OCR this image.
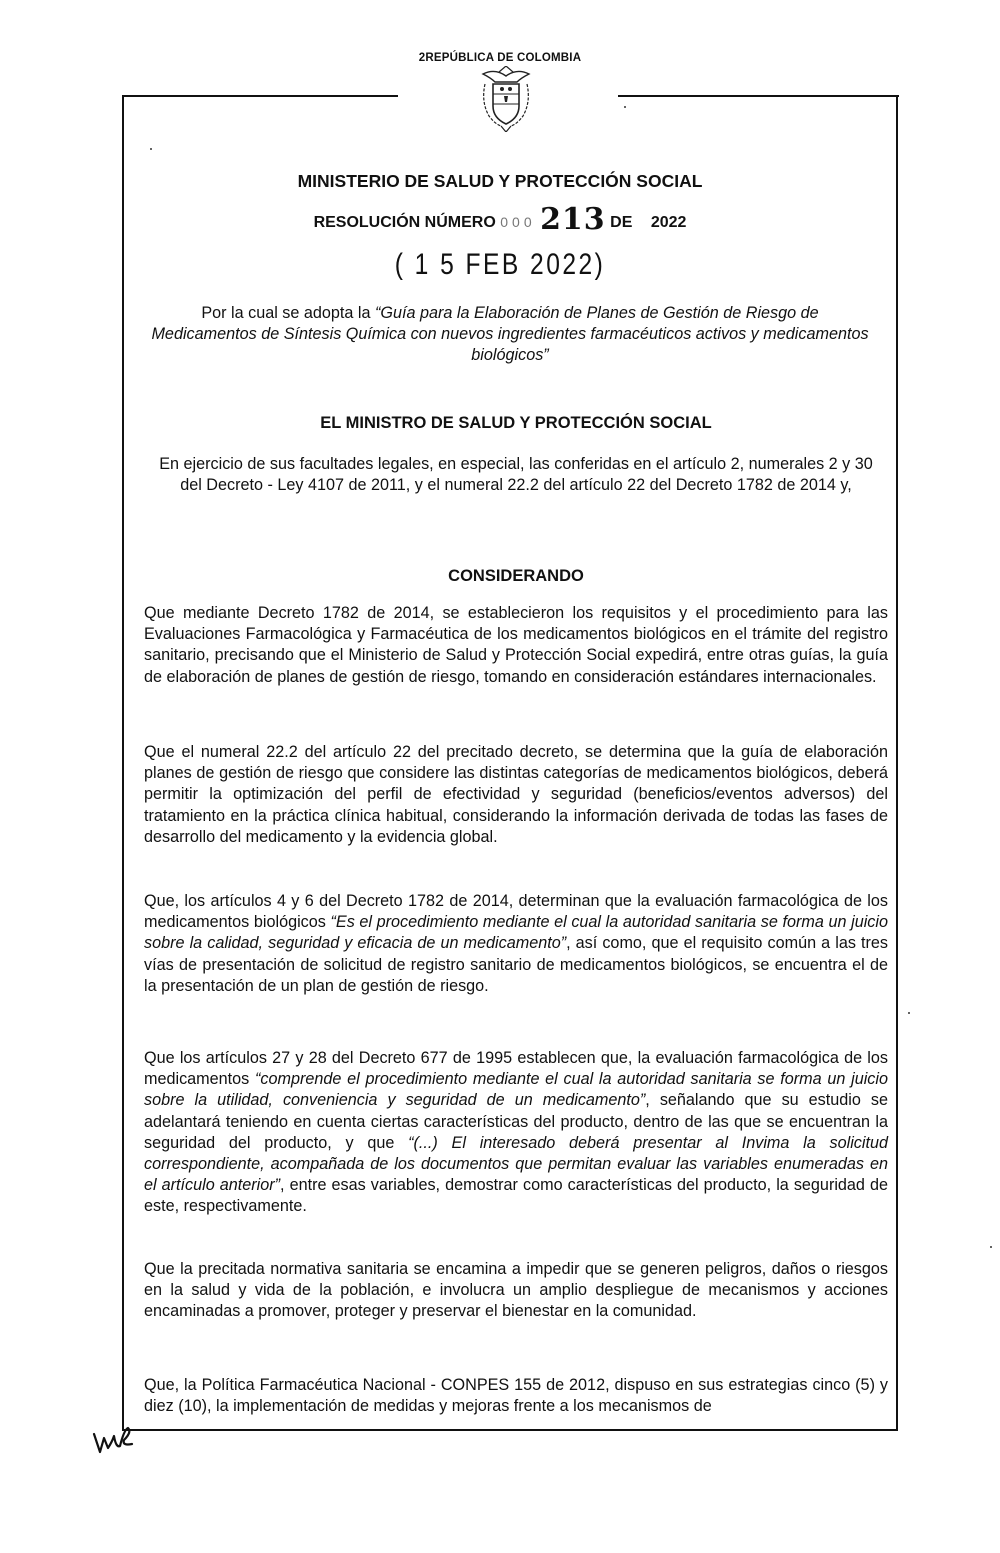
2REPÚBLICA DE COLOMBIA
MINISTERIO DE SALUD Y PROTECCIÓN SOCIAL
RESOLUCIÓN NÚMERO 000 213 DE 2022
( 1 5 FEB 2022)
Por la cual se adopta la “Guía para la Elaboración de Planes de Gestión de Riesgo de Medicamentos de Síntesis Química con nuevos ingredientes farmacéuticos activos y medicamentos biológicos”
EL MINISTRO DE SALUD Y PROTECCIÓN SOCIAL
En ejercicio de sus facultades legales, en especial, las conferidas en el artículo 2, numerales 2 y 30 del Decreto - Ley 4107 de 2011, y el numeral 22.2 del artículo 22 del Decreto 1782 de 2014 y,
CONSIDERANDO
Que mediante Decreto 1782 de 2014, se establecieron los requisitos y el procedimiento para las Evaluaciones Farmacológica y Farmacéutica de los medicamentos biológicos en el trámite del registro sanitario, precisando que el Ministerio de Salud y Protección Social expedirá, entre otras guías, la guía de elaboración de planes de gestión de riesgo, tomando en consideración estándares internacionales.
Que el numeral 22.2 del artículo 22 del precitado decreto, se determina que la guía de elaboración planes de gestión de riesgo que considere las distintas categorías de medicamentos biológicos, deberá permitir la optimización del perfil de efectividad y seguridad (beneficios/eventos adversos) del tratamiento en la práctica clínica habitual, considerando la información derivada de todas las fases de desarrollo del medicamento y la evidencia global.
Que, los artículos 4 y 6 del Decreto 1782 de 2014, determinan que la evaluación farmacológica de los medicamentos biológicos “Es el procedimiento mediante el cual la autoridad sanitaria se forma un juicio sobre la calidad, seguridad y eficacia de un medicamento”, así como, que el requisito común a las tres vías de presentación de solicitud de registro sanitario de medicamentos biológicos, se encuentra el de la presentación de un plan de gestión de riesgo.
Que los artículos 27 y 28 del Decreto 677 de 1995 establecen que, la evaluación farmacológica de los medicamentos “comprende el procedimiento mediante el cual la autoridad sanitaria se forma un juicio sobre la utilidad, conveniencia y seguridad de un medicamento”, señalando que su estudio se adelantará teniendo en cuenta ciertas características del producto, dentro de las que se encuentran la seguridad del producto, y que “(...) El interesado deberá presentar al Invima la solicitud correspondiente, acompañada de los documentos que permitan evaluar las variables enumeradas en el artículo anterior”, entre esas variables, demostrar como características del producto, la seguridad de este, respectivamente.
Que la precitada normativa sanitaria se encamina a impedir que se generen peligros, daños o riesgos en la salud y vida de la población, e involucra un amplio despliegue de mecanismos y acciones encaminadas a promover, proteger y preservar el bienestar en la comunidad.
Que, la Política Farmacéutica Nacional - CONPES 155 de 2012, dispuso en sus estrategias cinco (5) y diez (10), la implementación de medidas y mejoras frente a los mecanismos de
